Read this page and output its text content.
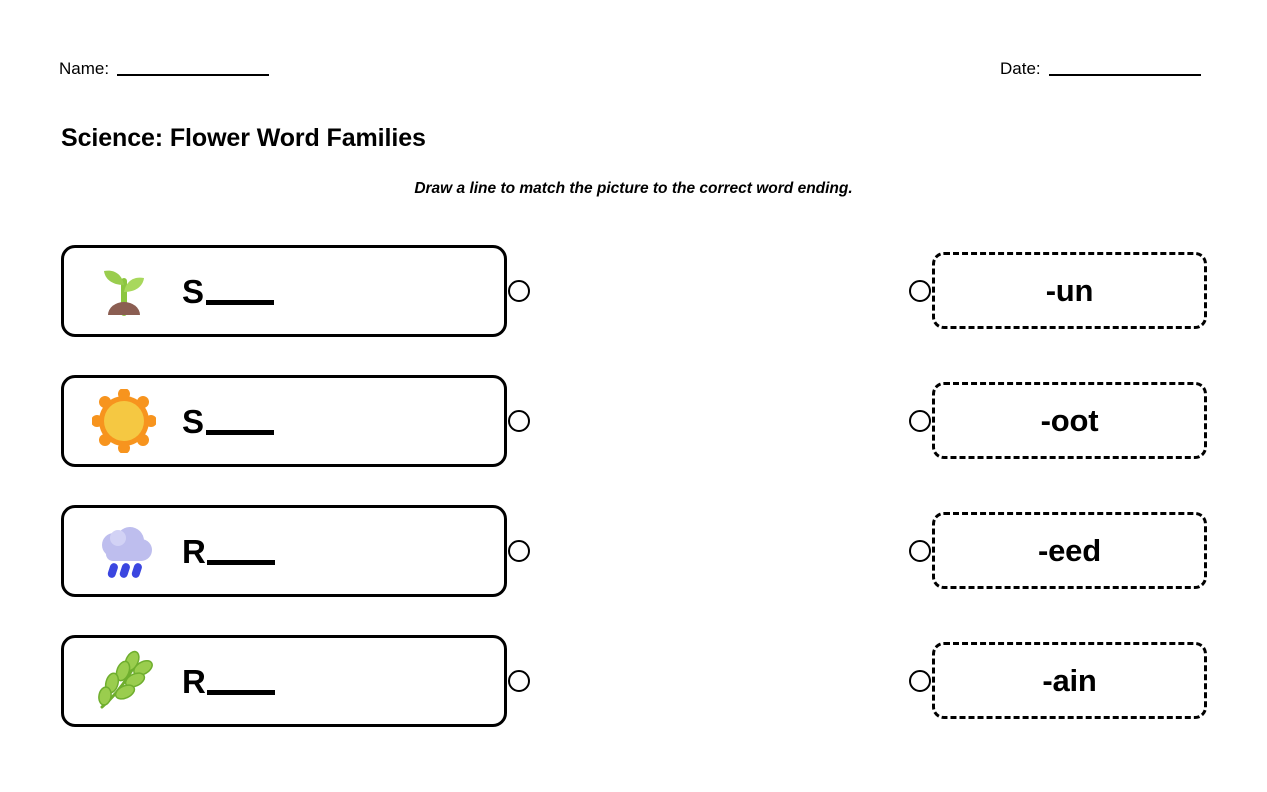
Name:	Date:
Science: Flower Word Families
Draw a line to match the picture to the correct word ending.
S	-un
S	-oot
R	-eed
R	-ain
